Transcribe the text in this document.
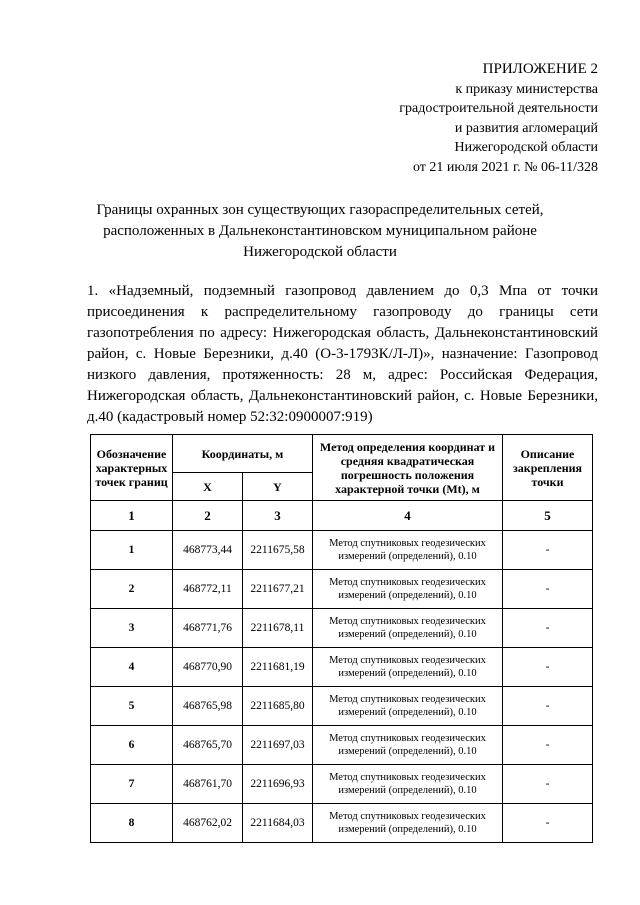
ПРИЛОЖЕНИЕ 2
к приказу министерства
градостроительной деятельности
и развития агломераций
Нижегородской области
от 21 июля 2021 г. № 06-11/328
Границы охранных зон существующих газораспределительных сетей,
расположенных в Дальнеконстантиновском муниципальном районе
Нижегородской области
1. «Надземный, подземный газопровод давлением до 0,3 Мпа от точки присоединения к распределительному газопроводу до границы сети газопотребления по адресу: Нижегородская область, Дальнеконстантиновский район, с. Новые Березники, д.40 (О-3-1793К/Л-Л)», назначение: Газопровод низкого давления, протяженность: 28 м, адрес: Российская Федерация, Нижегородская область, Дальнеконстантиновский район, с. Новые Березники, д.40 (кадастровый номер 52:32:0900007:919)
Обозначение характерных точек границ	Координаты, м		Метод определения координат и средняя квадратическая погрешность положения характерной точки (Mt), м	Описание закрепления точки
	X	Y		
1	2	3	4	5
1	468773,44	2211675,58	Метод спутниковых геодезических измерений (определений), 0.10	-
2	468772,11	2211677,21	Метод спутниковых геодезических измерений (определений), 0.10	-
3	468771,76	2211678,11	Метод спутниковых геодезических измерений (определений), 0.10	-
4	468770,90	2211681,19	Метод спутниковых геодезических измерений (определений), 0.10	-
5	468765,98	2211685,80	Метод спутниковых геодезических измерений (определений), 0.10	-
6	468765,70	2211697,03	Метод спутниковых геодезических измерений (определений), 0.10	-
7	468761,70	2211696,93	Метод спутниковых геодезических измерений (определений), 0.10	-
8	468762,02	2211684,03	Метод спутниковых геодезических измерений (определений), 0.10	-
